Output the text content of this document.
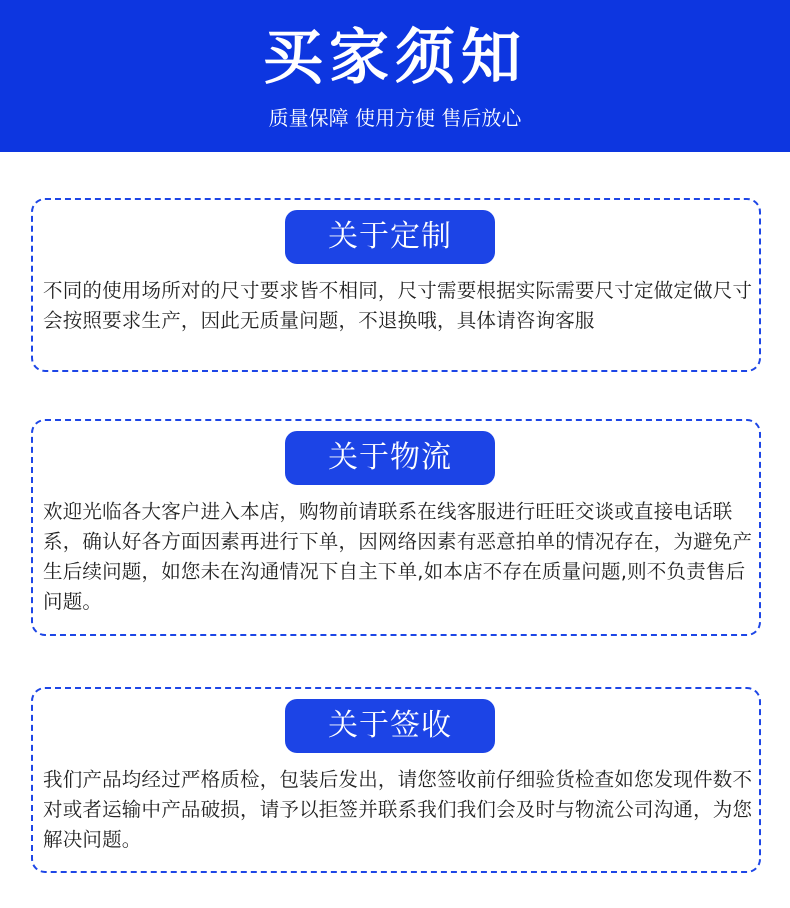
买家须知
质量保障 使用方便 售后放心
关于定制
不同的使用场所对的尺寸要求皆不相同，尺寸需要根据实际需要尺寸定做定做尺寸会按照要求生产，因此无质量问题，不退换哦，具体请咨询客服
关于物流
欢迎光临各大客户进入本店，购物前请联系在线客服进行旺旺交谈或直接电话联系，确认好各方面因素再进行下单，因网络因素有恶意拍单的情况存在，为避免产生后续问题，如您未在沟通情况下自主下单,如本店不存在质量问题,则不负责售后问题。
关于签收
我们产品均经过严格质检，包装后发出，请您签收前仔细验货检查如您发现件数不对或者运输中产品破损，请予以拒签并联系我们我们会及时与物流公司沟通，为您解决问题。
